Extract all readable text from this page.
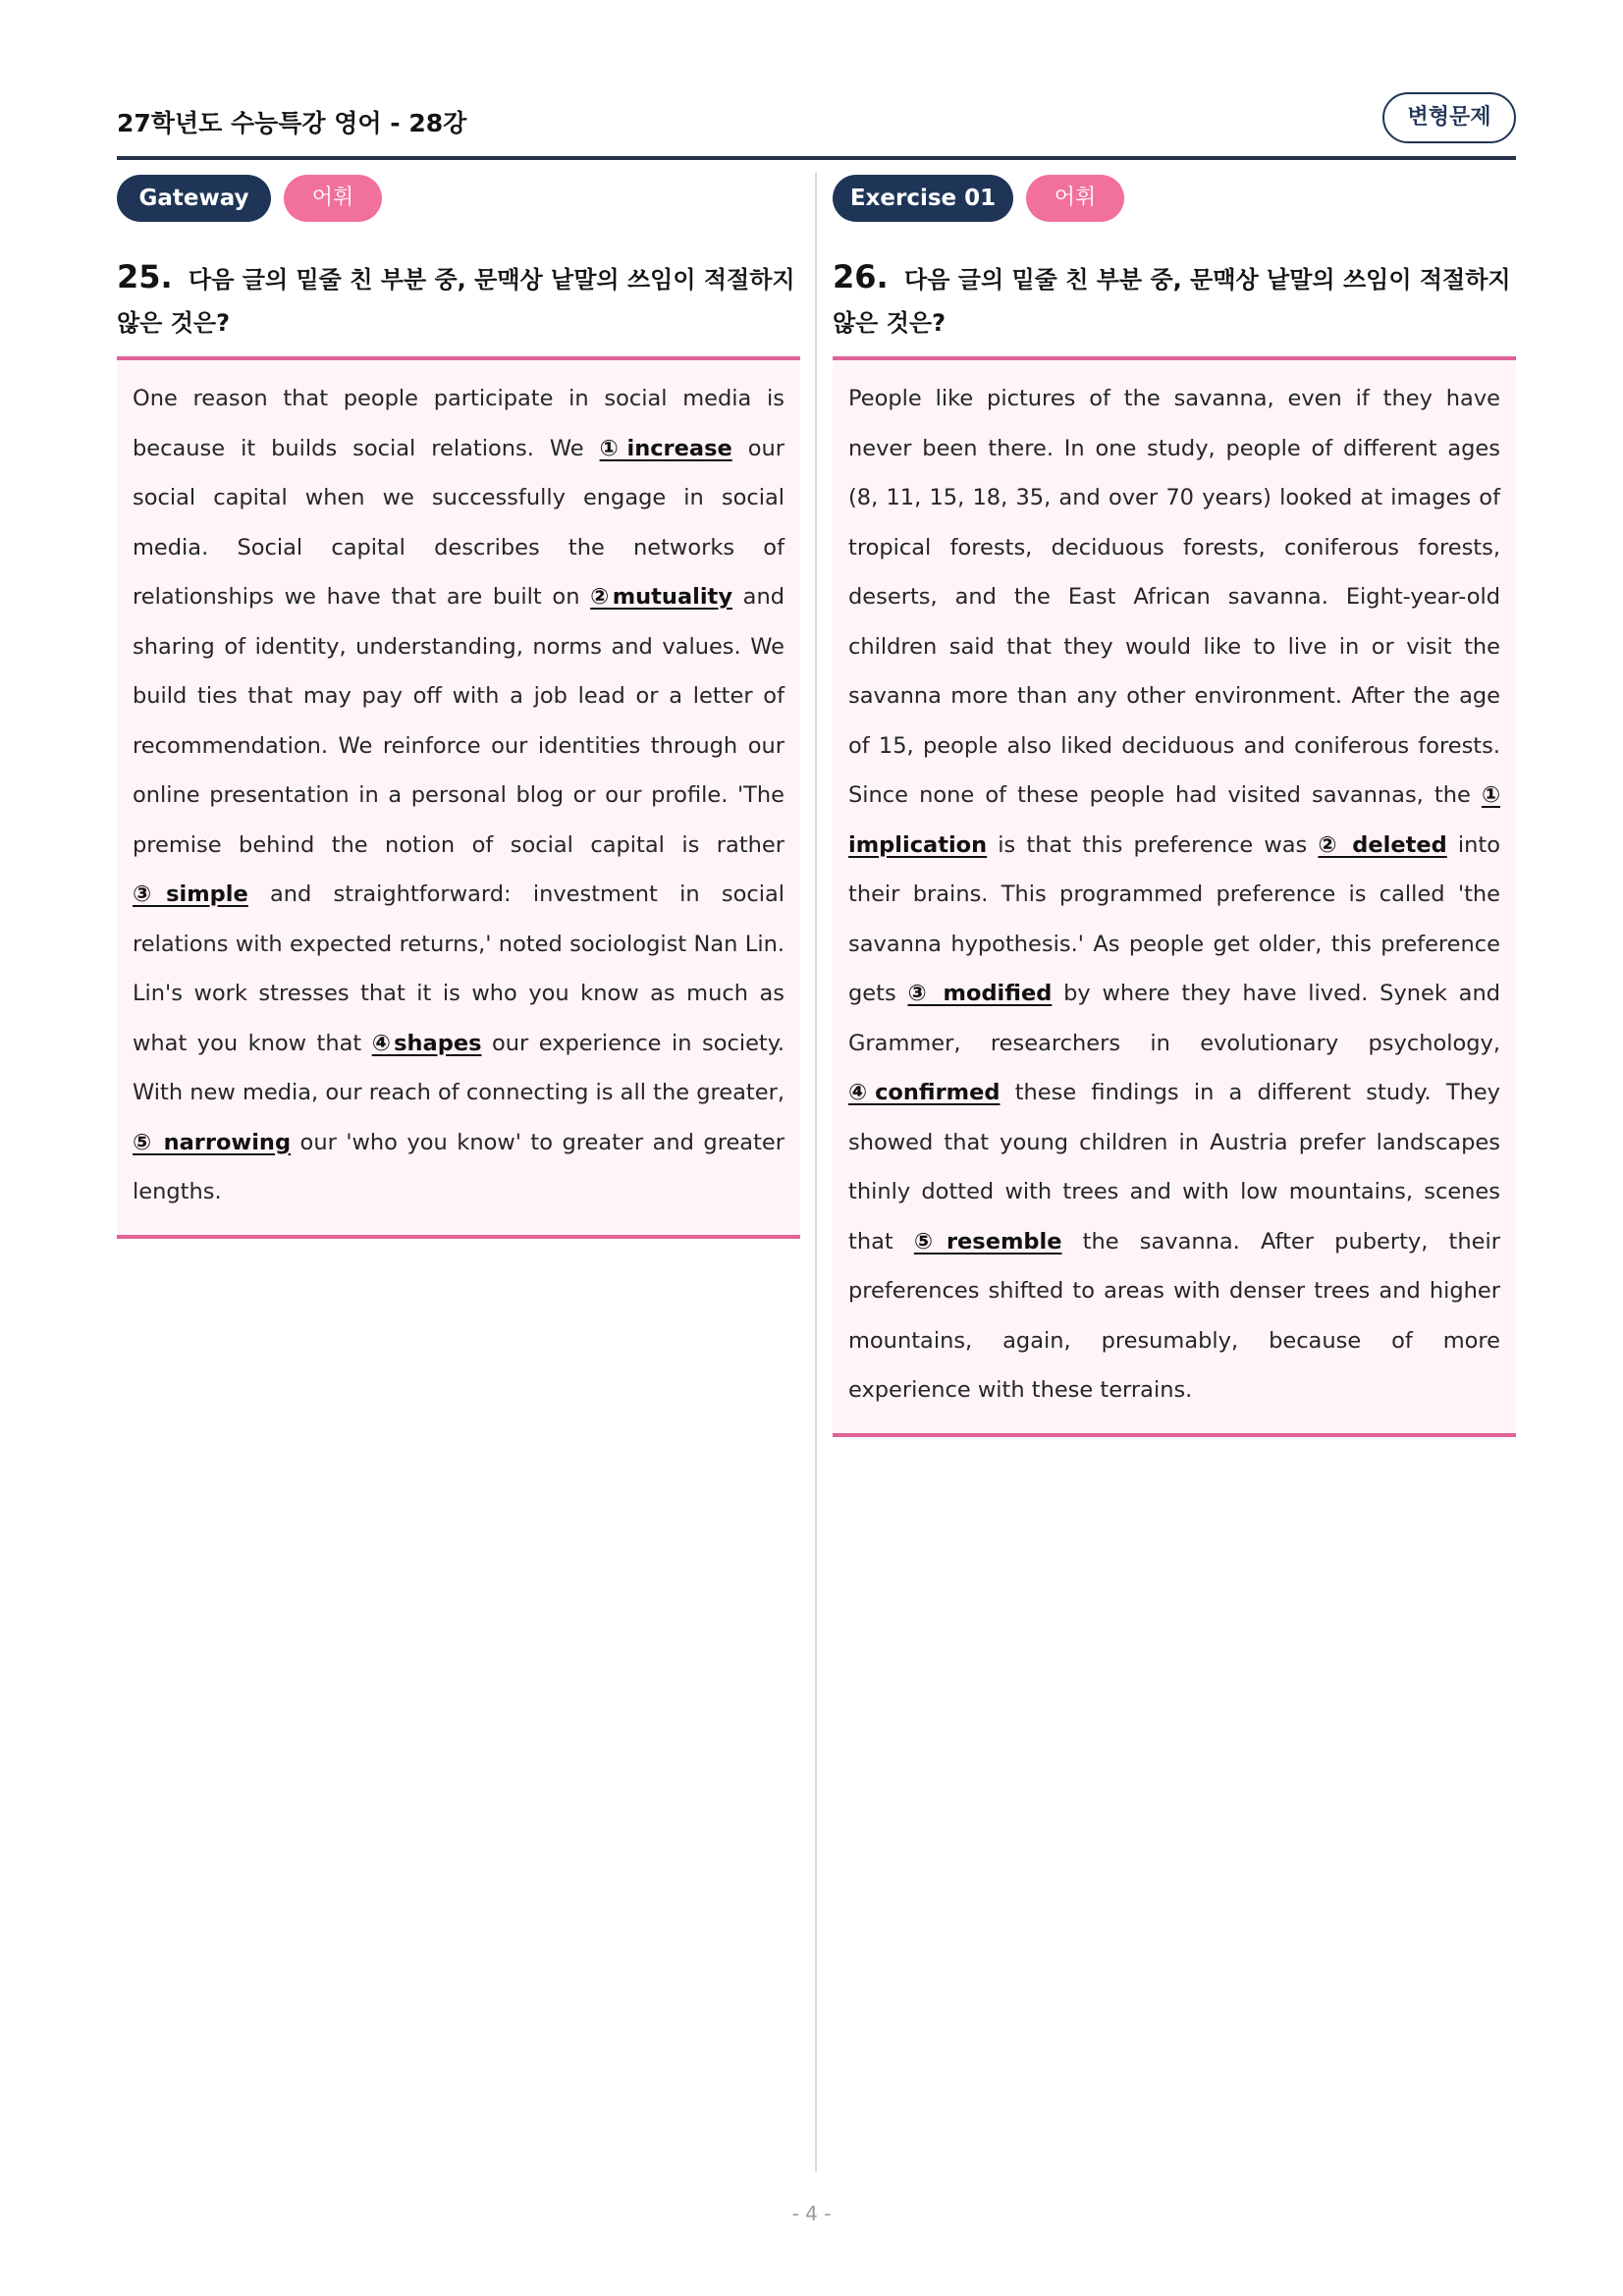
27학년도 수능특강 영어 - 28강	변형문제
Gateway	어휘
25. 다음 글의 밑줄 친 부분 중, 문맥상 낱말의 쓰임이 적절하지 않은 것은?
One reason that people participate in social media is because it builds social relations. We ①increase our social capital when we successfully engage in social media. Social capital describes the networks of relationships we have that are built on ②mutuality and sharing of identity, understanding, norms and values. We build ties that may pay off with a job lead or a letter of recommendation. We reinforce our identities through our online presentation in a personal blog or our profile. 'The premise behind the notion of social capital is rather ③simple and straightforward: investment in social relations with expected returns,' noted sociologist Nan Lin. Lin's work stresses that it is who you know as much as what you know that ④shapes our experience in society. With new media, our reach of connecting is all the greater, ⑤ narrowing our 'who you know' to greater and greater lengths.
Exercise 01	어휘
26. 다음 글의 밑줄 친 부분 중, 문맥상 낱말의 쓰임이 적절하지 않은 것은?
People like pictures of the savanna, even if they have never been there. In one study, people of different ages (8, 11, 15, 18, 35, and over 70 years) looked at images of tropical forests, deciduous forests, coniferous forests, deserts, and the East African savanna. Eight-year-old children said that they would like to live in or visit the savanna more than any other environment. After the age of 15, people also liked deciduous and coniferous forests. Since none of these people had visited savannas, the ① implication is that this preference was ② deleted into their brains. This programmed preference is called 'the savanna hypothesis.' As people get older, this preference gets ③ modified by where they have lived. Synek and Grammer, researchers in evolutionary psychology, ④confirmed these findings in a different study. They showed that young children in Austria prefer landscapes thinly dotted with trees and with low mountains, scenes that ⑤resemble the savanna. After puberty, their preferences shifted to areas with denser trees and higher mountains, again, presumably, because of more experience with these terrains.
- 4 -
